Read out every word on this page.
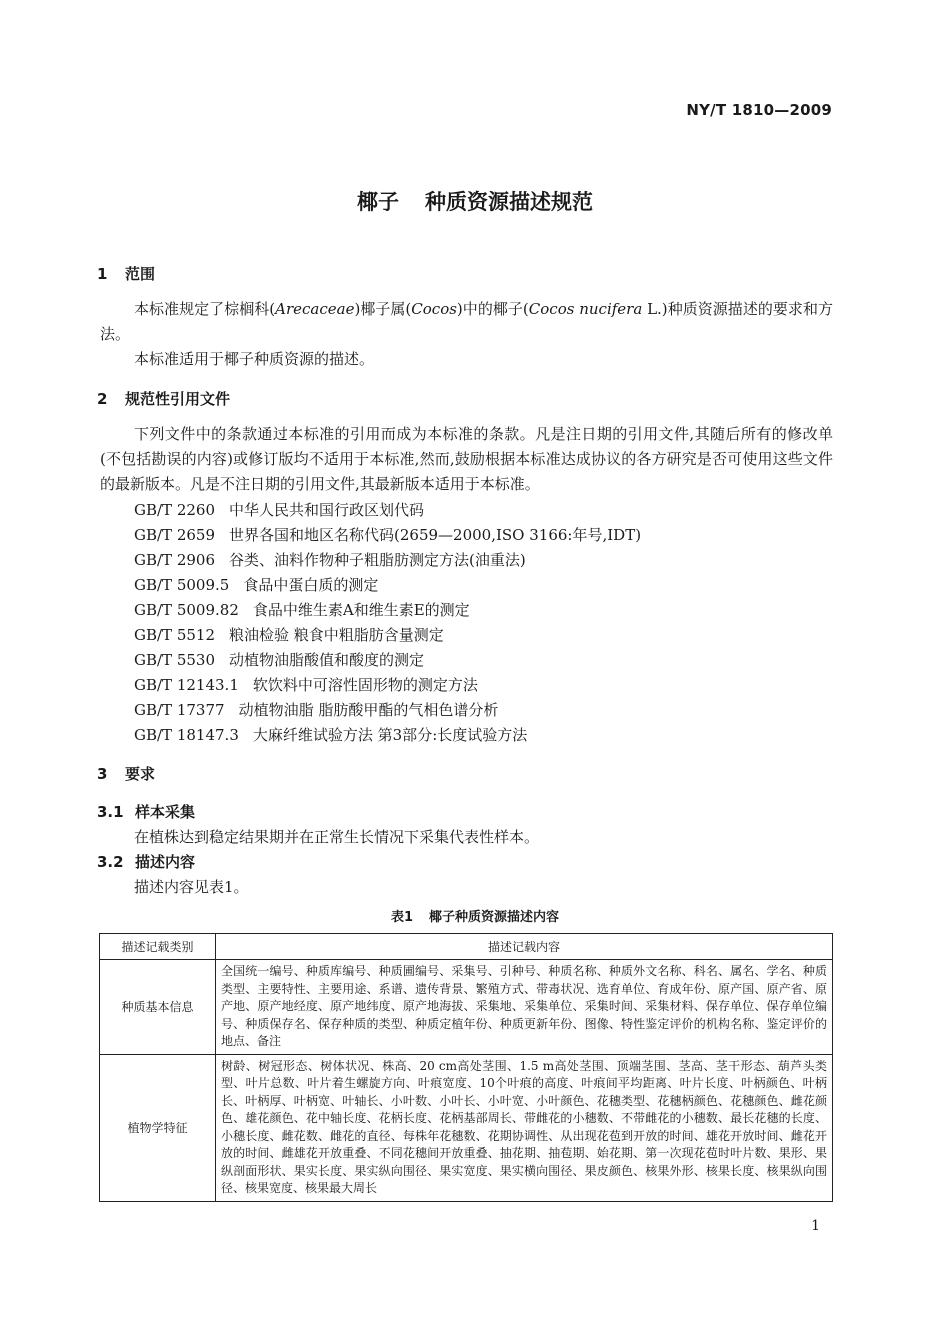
NY/T 1810—2009
椰子 种质资源描述规范
1 范围
本标准规定了棕榈科(Arecaceae)椰子属(Cocos)中的椰子(Cocos nucifera L.)种质资源描述的要求和方法。
本标准适用于椰子种质资源的描述。
2 规范性引用文件
下列文件中的条款通过本标准的引用而成为本标准的条款。凡是注日期的引用文件,其随后所有的修改单(不包括勘误的内容)或修订版均不适用于本标准,然而,鼓励根据本标准达成协议的各方研究是否可使用这些文件的最新版本。凡是不注日期的引用文件,其最新版本适用于本标准。
GB/T 2260 中华人民共和国行政区划代码
GB/T 2659 世界各国和地区名称代码(2659—2000,ISO 3166:年号,IDT)
GB/T 2906 谷类、油料作物种子粗脂肪测定方法(油重法)
GB/T 5009.5 食品中蛋白质的测定
GB/T 5009.82 食品中维生素A和维生素E的测定
GB/T 5512 粮油检验 粮食中粗脂肪含量测定
GB/T 5530 动植物油脂酸值和酸度的测定
GB/T 12143.1 软饮料中可溶性固形物的测定方法
GB/T 17377 动植物油脂 脂肪酸甲酯的气相色谱分析
GB/T 18147.3 大麻纤维试验方法 第3部分:长度试验方法
3 要求
3.1 样本采集
在植株达到稳定结果期并在正常生长情况下采集代表性样本。
3.2 描述内容
描述内容见表1。
表1 椰子种质资源描述内容
描述记载类别	描述记载内容
种质基本信息	全国统一编号、种质库编号、种质圃编号、采集号、引种号、种质名称、种质外文名称、科名、属名、学名、种质类型、主要特性、主要用途、系谱、遗传背景、繁殖方式、带毒状况、选育单位、育成年份、原产国、原产省、原产地、原产地经度、原产地纬度、原产地海拔、采集地、采集单位、采集时间、采集材料、保存单位、保存单位编号、种质保存名、保存种质的类型、种质定植年份、种质更新年份、图像、特性鉴定评价的机构名称、鉴定评价的地点、备注
植物学特征	树龄、树冠形态、树体状况、株高、20 cm高处茎围、1.5 m高处茎围、顶端茎围、茎高、茎干形态、葫芦头类型、叶片总数、叶片着生螺旋方向、叶痕宽度、10个叶痕的高度、叶痕间平均距离、叶片长度、叶柄颜色、叶柄长、叶柄厚、叶柄宽、叶轴长、小叶数、小叶长、小叶宽、小叶颜色、花穗类型、花穗柄颜色、花穗颜色、雌花颜色、雄花颜色、花中轴长度、花柄长度、花柄基部周长、带雌花的小穗数、不带雌花的小穗数、最长花穗的长度、小穗长度、雌花数、雌花的直径、每株年花穗数、花期协调性、从出现花苞到开放的时间、雄花开放时间、雌花开放的时间、雌雄花开放重叠、不同花穗间开放重叠、抽花期、抽苞期、始花期、第一次现花苞时叶片数、果形、果纵剖面形状、果实长度、果实纵向围径、果实宽度、果实横向围径、果皮颜色、核果外形、核果长度、核果纵向围径、核果宽度、核果最大周长
1
